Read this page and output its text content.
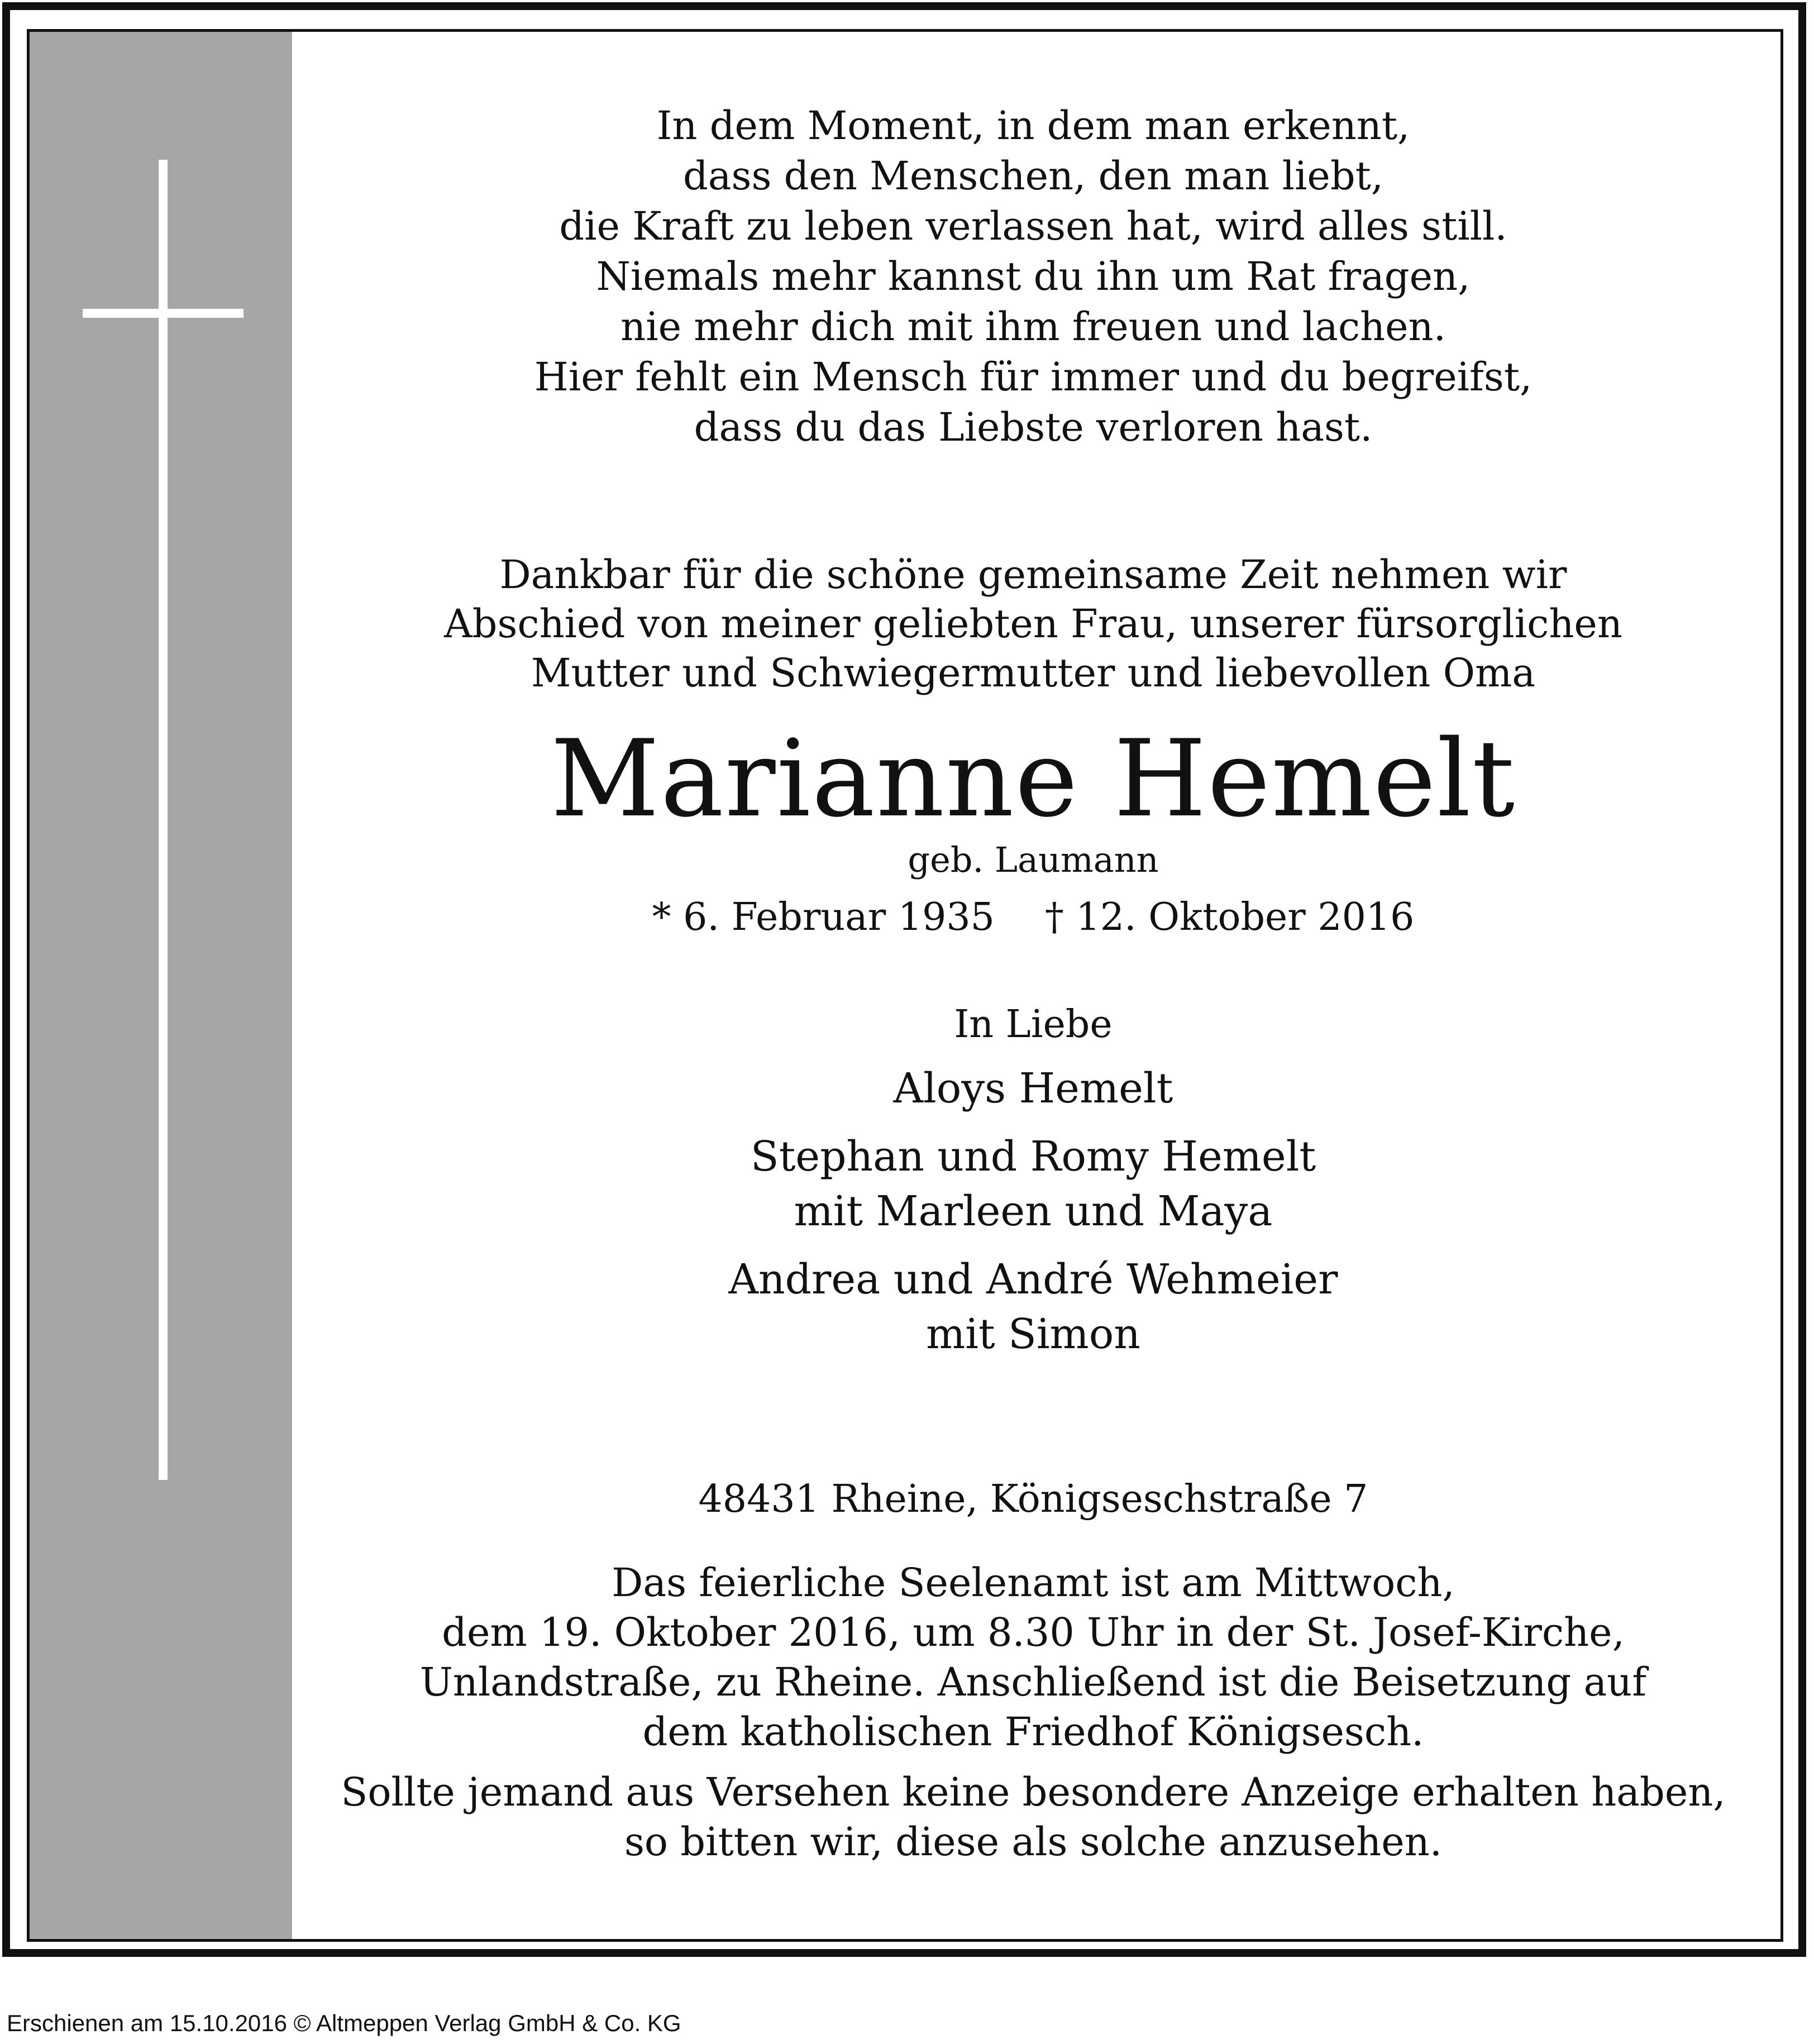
In dem Moment, in dem man erkennt,
dass den Menschen, den man liebt,
die Kraft zu leben verlassen hat, wird alles still.
Niemals mehr kannst du ihn um Rat fragen,
nie mehr dich mit ihm freuen und lachen.
Hier fehlt ein Mensch für immer und du begreifst,
dass du das Liebste verloren hast.
Dankbar für die schöne gemeinsame Zeit nehmen wir
Abschied von meiner geliebten Frau, unserer fürsorglichen
Mutter und Schwiegermutter und liebevollen Oma
Marianne Hemelt
geb. Laumann
* 6. Februar 1935 † 12. Oktober 2016
In Liebe
Aloys Hemelt
Stephan und Romy Hemelt
mit Marleen und Maya
Andrea und André Wehmeier
mit Simon
48431 Rheine, Königseschstraße 7
Das feierliche Seelenamt ist am Mittwoch,
dem 19. Oktober 2016, um 8.30 Uhr in der St. Josef-Kirche,
Unlandstraße, zu Rheine. Anschließend ist die Beisetzung auf
dem katholischen Friedhof Königsesch.
Sollte jemand aus Versehen keine besondere Anzeige erhalten haben,
so bitten wir, diese als solche anzusehen.
Erschienen am 15.10.2016 © Altmeppen Verlag GmbH & Co. KG
